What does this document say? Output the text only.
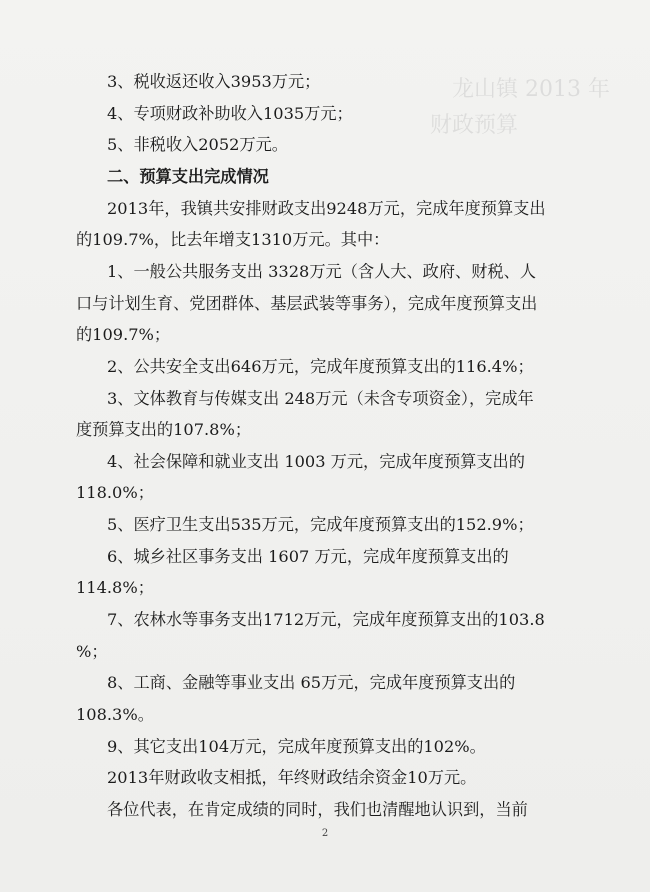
龙山镇 2013 年
财政预算
3、税收返还收入3953万元；
4、专项财政补助收入1035万元；
5、非税收入2052万元。
二、预算支出完成情况
2013年，我镇共安排财政支出9248万元，完成年度预算支出
的109.7%，比去年增支1310万元。其中：
1、一般公共服务支出 3328万元（含人大、政府、财税、人
口与计划生育、党团群体、基层武装等事务），完成年度预算支出
的109.7%；
2、公共安全支出646万元，完成年度预算支出的116.4%；
3、文体教育与传媒支出 248万元（未含专项资金），完成年
度预算支出的107.8%；
4、社会保障和就业支出 1003 万元，完成年度预算支出的
118.0%；
5、医疗卫生支出535万元，完成年度预算支出的152.9%；
6、城乡社区事务支出 1607 万元，完成年度预算支出的
114.8%；
7、农林水等事务支出1712万元，完成年度预算支出的103.8
%；
8、工商、金融等事业支出 65万元，完成年度预算支出的
108.3%。
9、其它支出104万元，完成年度预算支出的102%。
2013年财政收支相抵，年终财政结余资金10万元。
各位代表，在肯定成绩的同时，我们也清醒地认识到，当前
2
